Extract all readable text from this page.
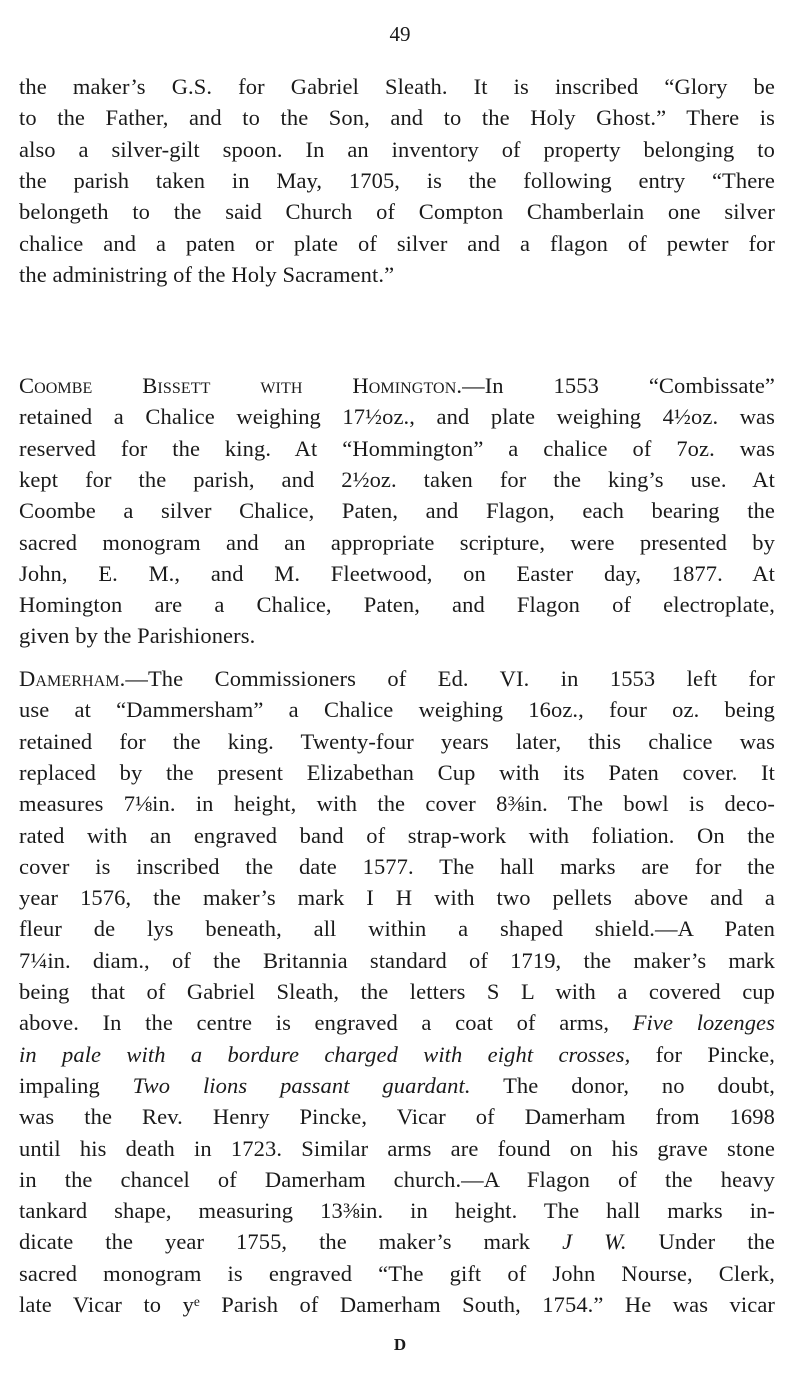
49
the maker’s G.S. for Gabriel Sleath. It is inscribed “Glory be
to the Father, and to the Son, and to the Holy Ghost.” There is
also a silver-gilt spoon. In an inventory of property belonging to
the parish taken in May, 1705, is the following entry “There
belongeth to the said Church of Compton Chamberlain one silver
chalice and a paten or plate of silver and a flagon of pewter for
the administring of the Holy Sacrament.”
Coombe Bissett with Homington.—In 1553 “Combissate”
retained a Chalice weighing 17½oz., and plate weighing 4½oz. was
reserved for the king. At “Hommington” a chalice of 7oz. was
kept for the parish, and 2½oz. taken for the king’s use. At
Coombe a silver Chalice, Paten, and Flagon, each bearing the
sacred monogram and an appropriate scripture, were presented by
John, E. M., and M. Fleetwood, on Easter day, 1877. At
Homington are a Chalice, Paten, and Flagon of electroplate,
given by the Parishioners.
Damerham.—The Commissioners of Ed. VI. in 1553 left for
use at “Dammersham” a Chalice weighing 16oz., four oz. being
retained for the king. Twenty-four years later, this chalice was
replaced by the present Elizabethan Cup with its Paten cover. It
measures 7⅛in. in height, with the cover 8⅜in. The bowl is deco-
rated with an engraved band of strap-work with foliation. On the
cover is inscribed the date 1577. The hall marks are for the
year 1576, the maker’s mark I H with two pellets above and a
fleur de lys beneath, all within a shaped shield.—A Paten
7¼in. diam., of the Britannia standard of 1719, the maker’s mark
being that of Gabriel Sleath, the letters S L with a covered cup
above. In the centre is engraved a coat of arms, Five lozenges
in pale with a bordure charged with eight crosses, for Pincke,
impaling Two lions passant guardant. The donor, no doubt,
was the Rev. Henry Pincke, Vicar of Damerham from 1698
until his death in 1723. Similar arms are found on his grave stone
in the chancel of Damerham church.—A Flagon of the heavy
tankard shape, measuring 13⅜in. in height. The hall marks in-
dicate the year 1755, the maker’s mark J W. Under the
sacred monogram is engraved “The gift of John Nourse, Clerk,
late Vicar to yᵉ Parish of Damerham South, 1754.” He was vicar
D
